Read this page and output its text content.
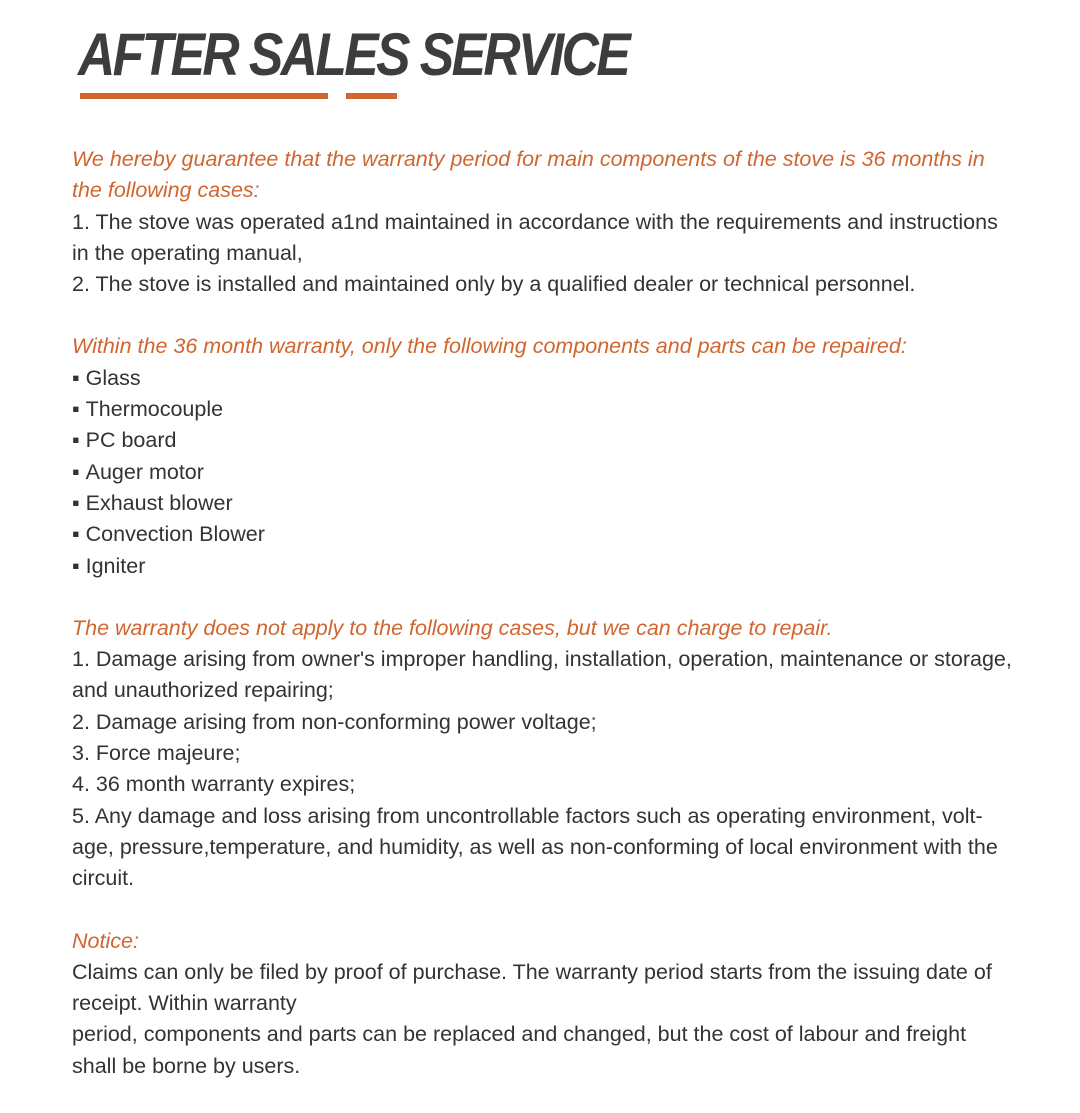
AFTER SALES SERVICE

We hereby guarantee that the warranty period for main components of the stove is 36 months in the following cases:

1. The stove was operated a1nd maintained in accordance with the requirements and instructions in the operating manual,

2. The stove is installed and maintained only by a qualified dealer or technical personnel.

Within the 36 month warranty, only the following components and parts can be repaired:

▪ Glass
▪ Thermocouple
▪ PC board
▪ Auger motor
▪ Exhaust blower
▪ Convection Blower
▪ Igniter

The warranty does not apply to the following cases, but we can charge to repair.

1. Damage arising from owner's improper handling, installation, operation, maintenance or storage, and unauthorized repairing;

2. Damage arising from non-conforming power voltage;

3. Force majeure;

4. 36 month warranty expires;

5. Any damage and loss arising from uncontrollable factors such as operating environment, volt-age, pressure,temperature, and humidity, as well as non-conforming of local environment with the circuit.

Notice:

Claims can only be filed by proof of purchase. The warranty period starts from the issuing date of receipt. Within warranty

period, components and parts can be replaced and changed, but the cost of labour and freight shall be borne by users.
